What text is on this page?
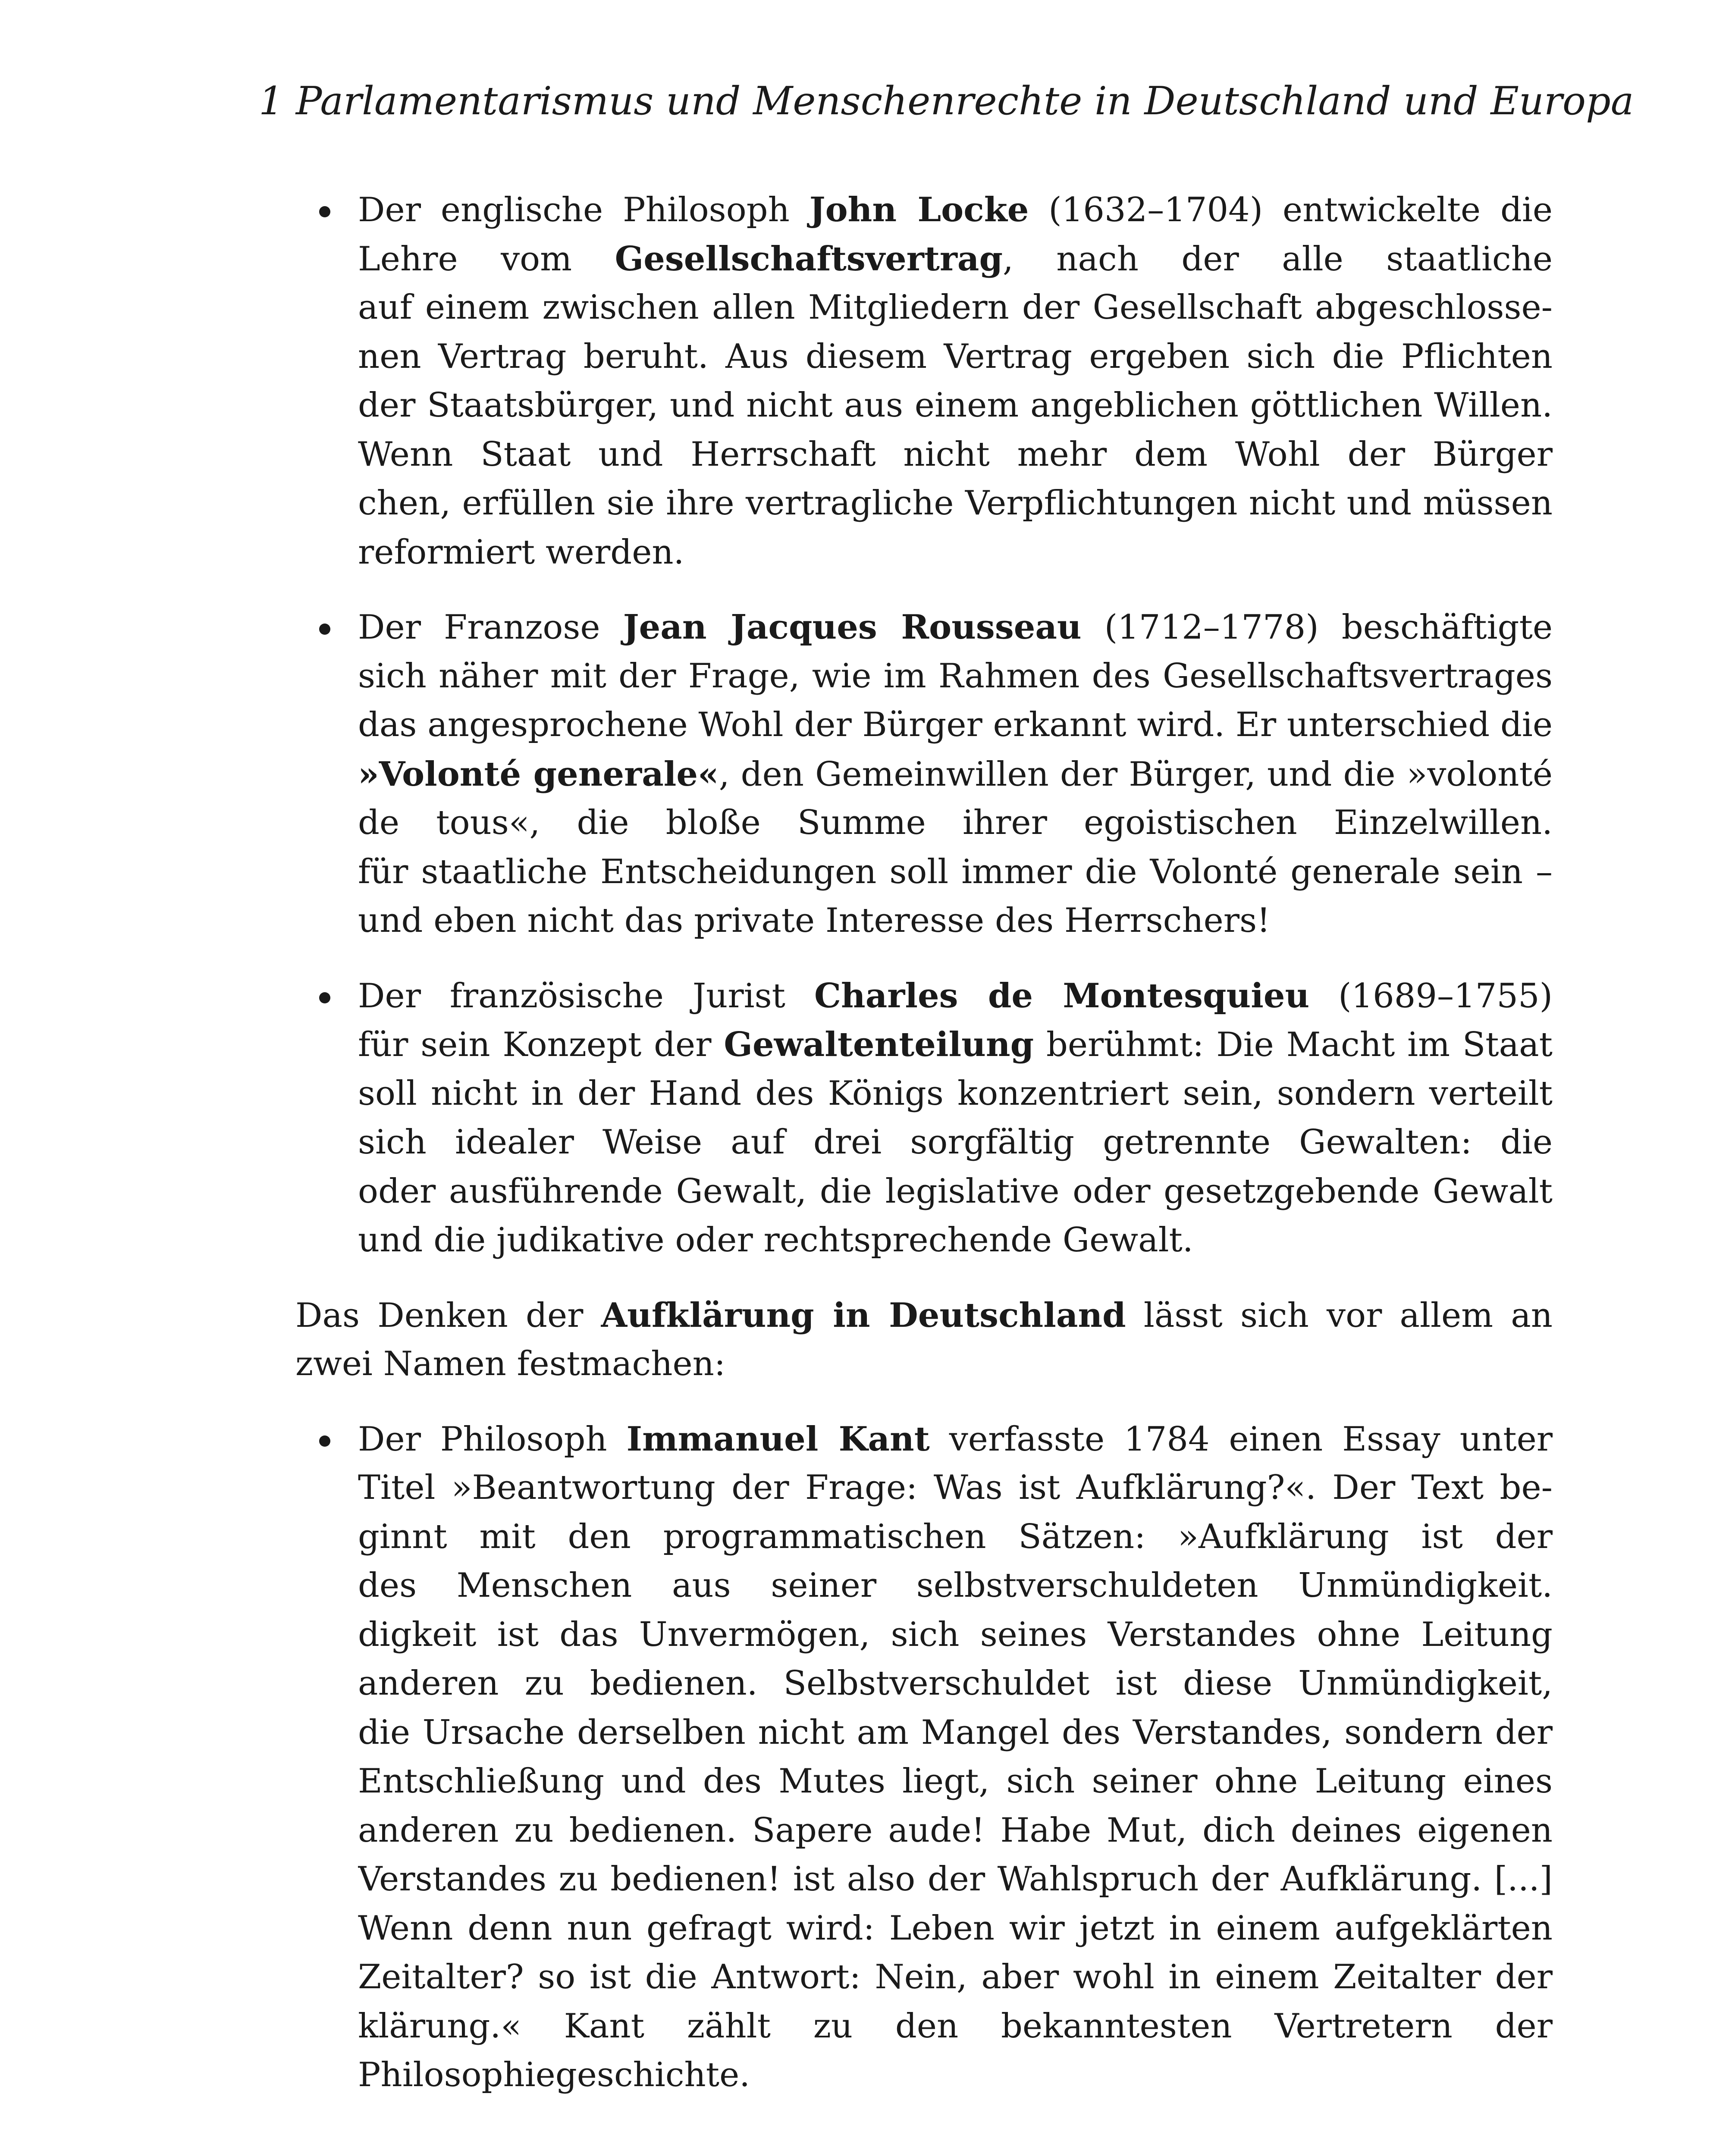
1 Parlamentarismus und Menschenrechte in Deutschland und Europa
Der englische Philosoph John Locke (1632–1704) entwickelte die
Lehre vom Gesellschaftsvertrag, nach der alle staatliche
auf einem zwischen allen Mitgliedern der Gesellschaft abgeschlosse-
nen Vertrag beruht. Aus diesem Vertrag ergeben sich die Pflichten
der Staatsbürger, und nicht aus einem angeblichen göttlichen Willen.
Wenn Staat und Herrschaft nicht mehr dem Wohl der Bürger
chen, erfüllen sie ihre vertragliche Verpflichtungen nicht und müssen
reformiert werden.
Der Franzose Jean Jacques Rousseau (1712–1778) beschäftigte
sich näher mit der Frage, wie im Rahmen des Gesellschaftsvertrages
das angesprochene Wohl der Bürger erkannt wird. Er unterschied die
»Volonté generale«, den Gemeinwillen der Bürger, und die »volonté
de tous«, die bloße Summe ihrer egoistischen Einzelwillen.
für staatliche Entscheidungen soll immer die Volonté generale sein –
und eben nicht das private Interesse des Herrschers!
Der französische Jurist Charles de Montesquieu (1689–1755)
für sein Konzept der Gewaltenteilung berühmt: Die Macht im Staat
soll nicht in der Hand des Königs konzentriert sein, sondern verteilt
sich idealer Weise auf drei sorgfältig getrennte Gewalten: die
oder ausführende Gewalt, die legislative oder gesetzgebende Gewalt
und die judikative oder rechtsprechende Gewalt.
Das Denken der Aufklärung in Deutschland lässt sich vor allem an
zwei Namen festmachen:
Der Philosoph Immanuel Kant verfasste 1784 einen Essay unter
Titel »Beantwortung der Frage: Was ist Aufklärung?«. Der Text be-
ginnt mit den programmatischen Sätzen: »Aufklärung ist der
des Menschen aus seiner selbstverschuldeten Unmündigkeit.
digkeit ist das Unvermögen, sich seines Verstandes ohne Leitung
anderen zu bedienen. Selbstverschuldet ist diese Unmündigkeit,
die Ursache derselben nicht am Mangel des Verstandes, sondern der
Entschließung und des Mutes liegt, sich seiner ohne Leitung eines
anderen zu bedienen. Sapere aude! Habe Mut, dich deines eigenen
Verstandes zu bedienen! ist also der Wahlspruch der Aufklärung. [...]
Wenn denn nun gefragt wird: Leben wir jetzt in einem aufgeklärten
Zeitalter? so ist die Antwort: Nein, aber wohl in einem Zeitalter der
klärung.« Kant zählt zu den bekanntesten Vertretern der
Philosophiegeschichte.
